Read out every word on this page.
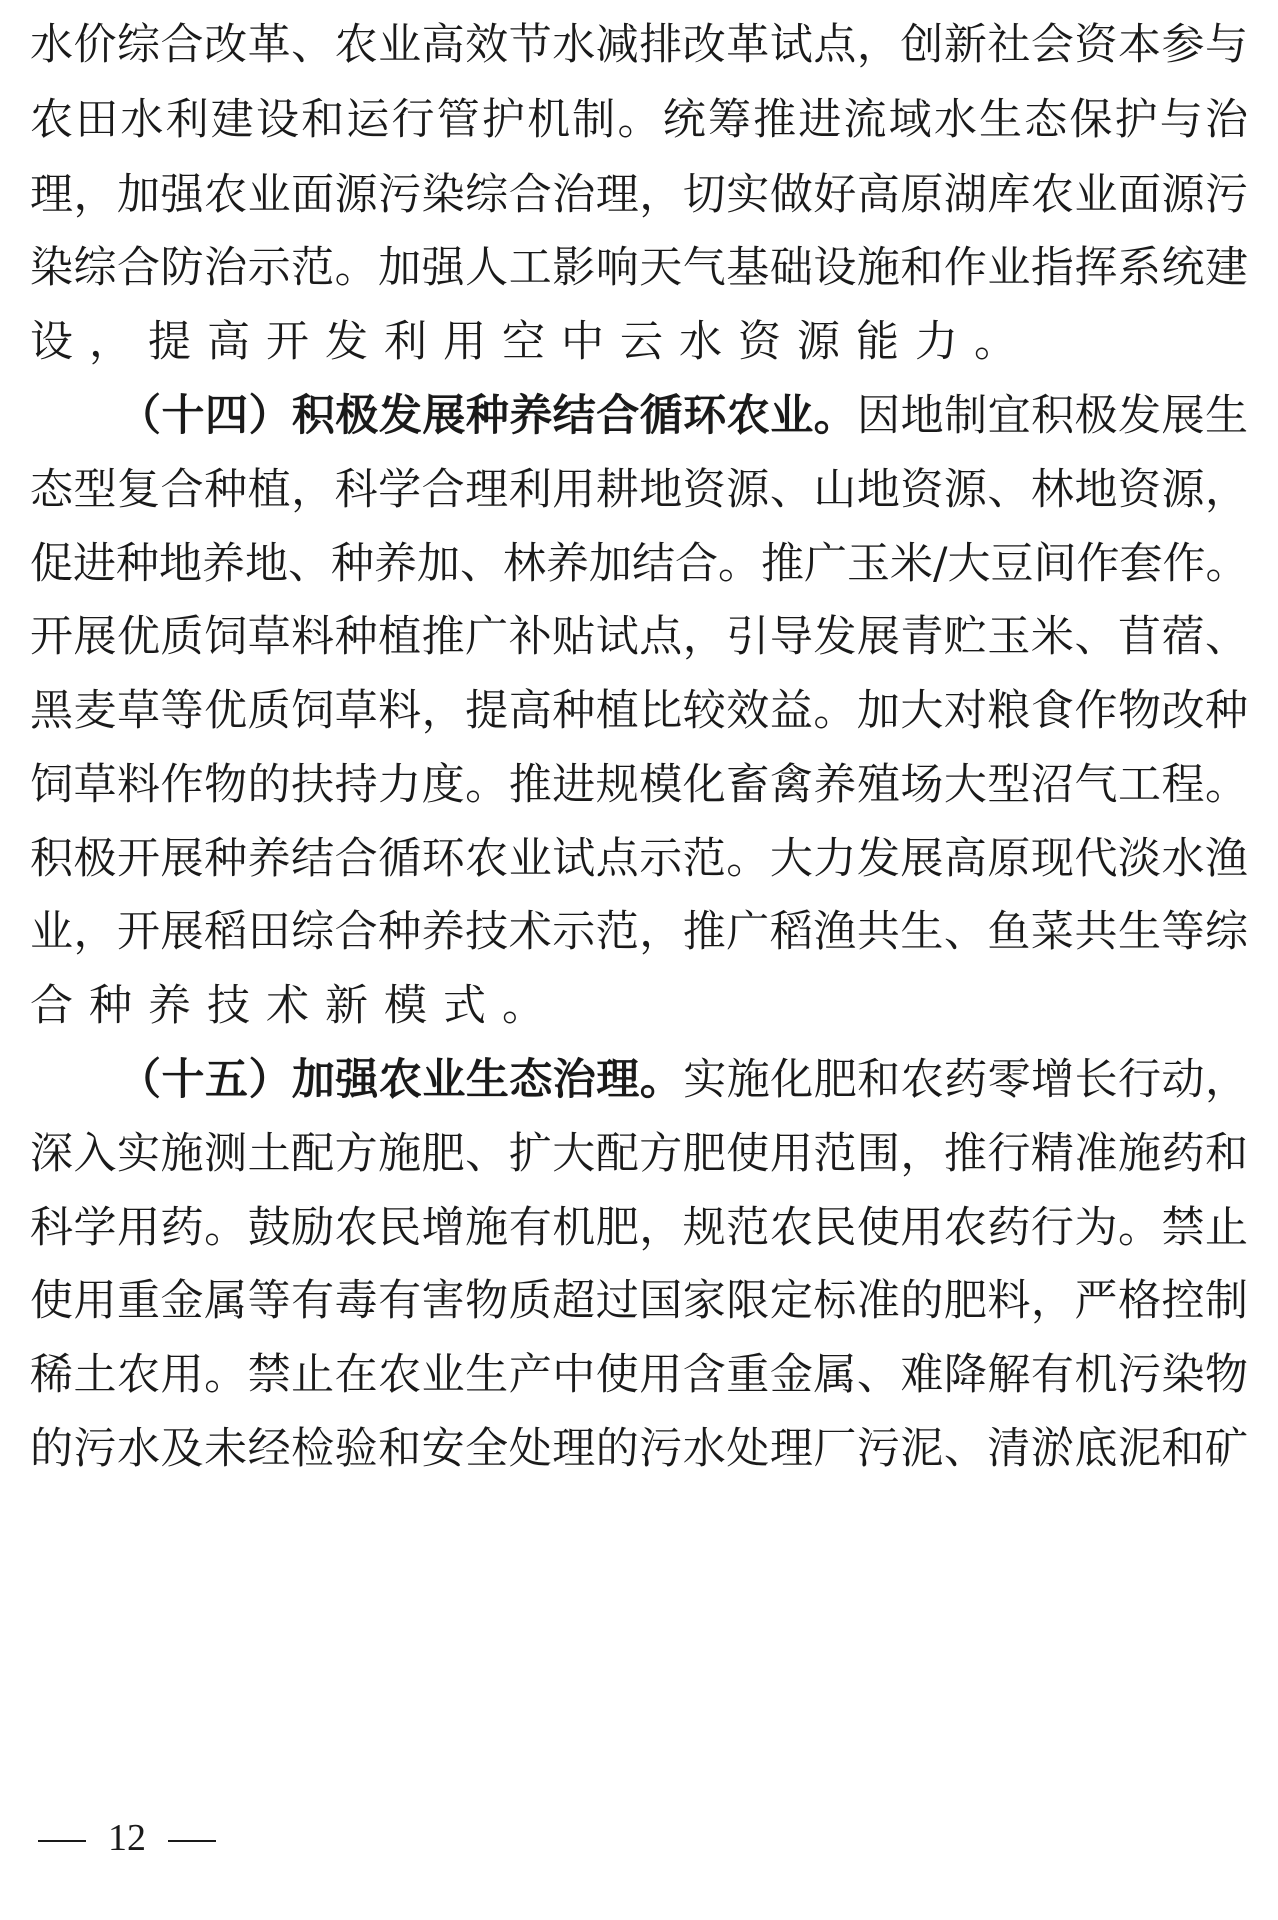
水价综合改革、农业高效节水减排改革试点，创新社会资本参与
农田水利建设和运行管护机制。统筹推进流域水生态保护与治
理，加强农业面源污染综合治理，切实做好高原湖库农业面源污
染综合防治示范。加强人工影响天气基础设施和作业指挥系统建
设，提高开发利用空中云水资源能力。
（十四）积极发展种养结合循环农业。因地制宜积极发展生
态型复合种植，科学合理利用耕地资源、山地资源、林地资源，
促进种地养地、种养加、林养加结合。推广玉米/大豆间作套作。
开展优质饲草料种植推广补贴试点，引导发展青贮玉米、苜蓿、
黑麦草等优质饲草料，提高种植比较效益。加大对粮食作物改种
饲草料作物的扶持力度。推进规模化畜禽养殖场大型沼气工程。
积极开展种养结合循环农业试点示范。大力发展高原现代淡水渔
业，开展稻田综合种养技术示范，推广稻渔共生、鱼菜共生等综
合种养技术新模式。
（十五）加强农业生态治理。实施化肥和农药零增长行动，
深入实施测土配方施肥、扩大配方肥使用范围，推行精准施药和
科学用药。鼓励农民增施有机肥，规范农民使用农药行为。禁止
使用重金属等有毒有害物质超过国家限定标准的肥料，严格控制
稀土农用。禁止在农业生产中使用含重金属、难降解有机污染物
的污水及未经检验和安全处理的污水处理厂污泥、清淤底泥和矿
12
